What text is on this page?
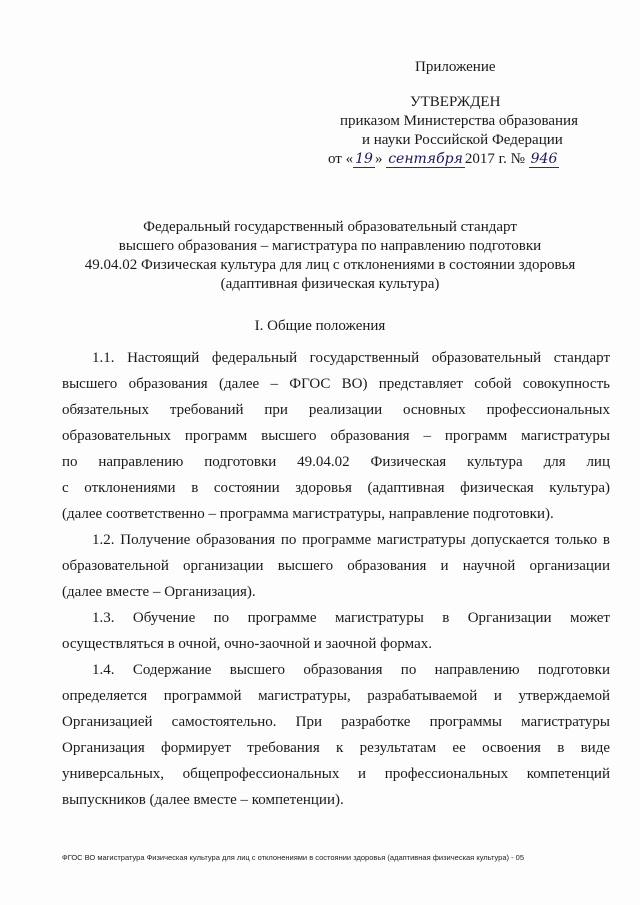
Приложение
УТВЕРЖДЕН
приказом Министерства образования
и науки Российской Федерации
от « 19 » сентября 2017 г. № 946
Федеральный государственный образовательный стандарт
высшего образования – магистратура по направлению подготовки
49.04.02 Физическая культура для лиц с отклонениями в состоянии здоровья
(адаптивная физическая культура)
I. Общие положения

1.1. Настоящий федеральный государственный образовательный стандарт
высшего образования (далее – ФГОС ВО) представляет собой совокупность
обязательных требований при реализации основных профессиональных
образовательных программ высшего образования – программ магистратуры
по направлению подготовки 49.04.02 Физическая культура для лиц
с отклонениями в состоянии здоровья (адаптивная физическая культура)
(далее соответственно – программа магистратуры, направление подготовки).

1.2. Получение образования по программе магистратуры допускается только в
образовательной организации высшего образования и научной организации
(далее вместе – Организация).

1.3. Обучение по программе магистратуры в Организации может
осуществляться в очной, очно-заочной и заочной формах.

1.4. Содержание высшего образования по направлению подготовки
определяется программой магистратуры, разрабатываемой и утверждаемой
Организацией самостоятельно. При разработке программы магистратуры
Организация формирует требования к результатам ее освоения в виде
универсальных, общепрофессиональных и профессиональных компетенций
выпускников (далее вместе – компетенции).

ФГОС ВО магистратура Физическая культура для лиц с отклонениями в состоянии здоровья (адаптивная физическая культура) - 05
